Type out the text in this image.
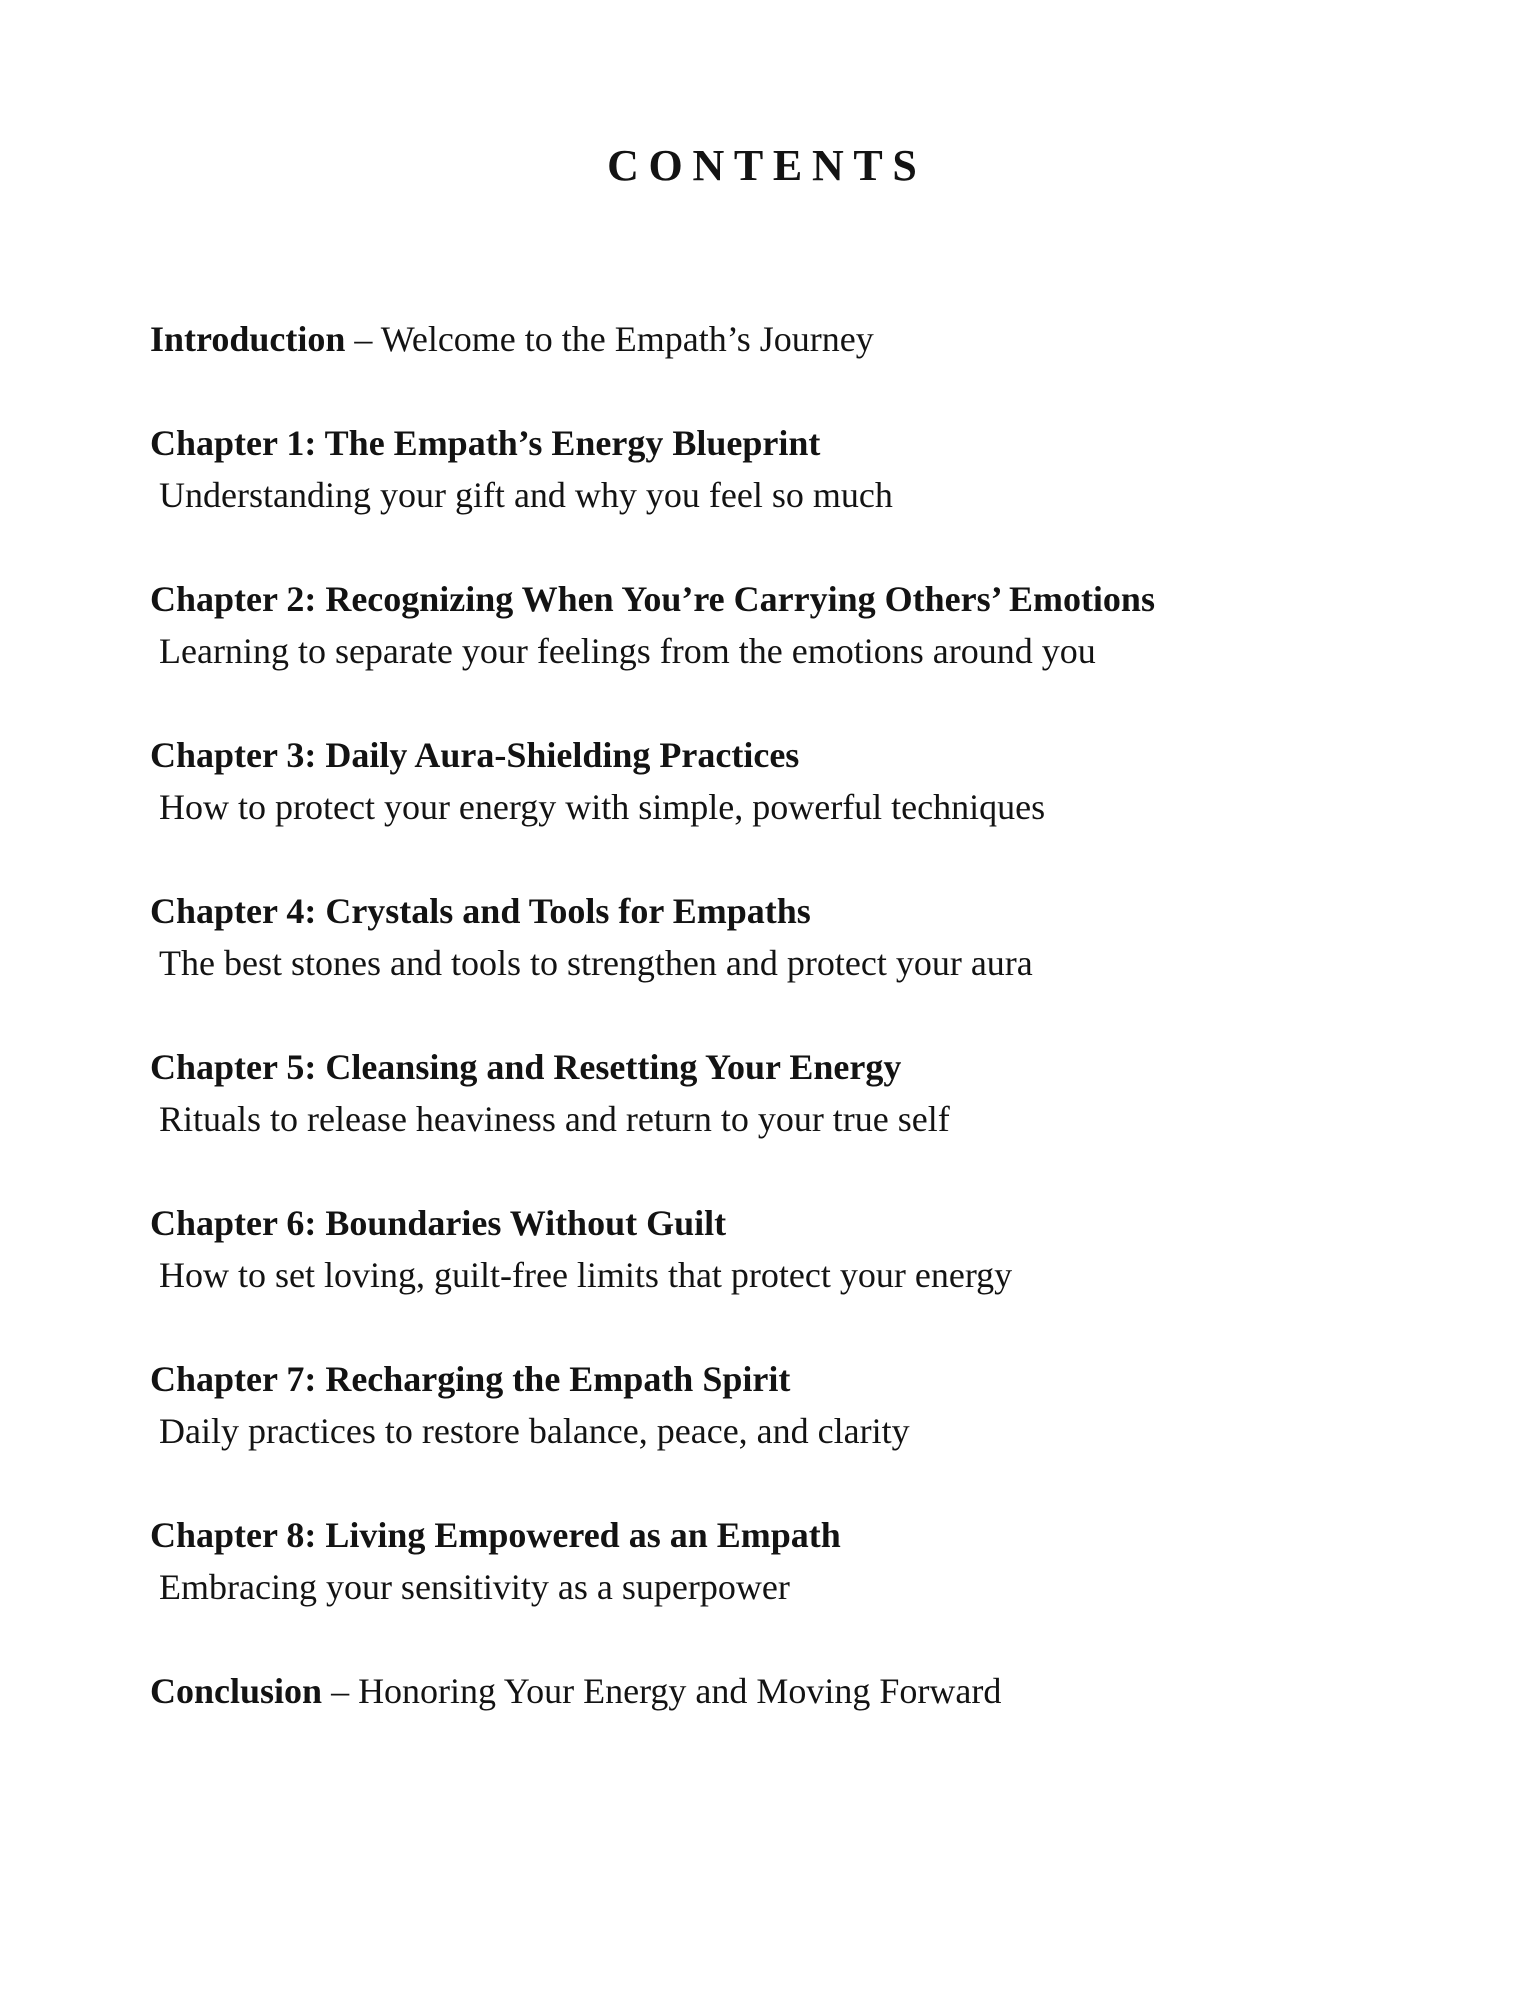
CONTENTS
Introduction – Welcome to the Empath’s Journey
Chapter 1: The Empath’s Energy Blueprint
Understanding your gift and why you feel so much
Chapter 2: Recognizing When You’re Carrying Others’ Emotions
Learning to separate your feelings from the emotions around you
Chapter 3: Daily Aura-Shielding Practices
How to protect your energy with simple, powerful techniques
Chapter 4: Crystals and Tools for Empaths
The best stones and tools to strengthen and protect your aura
Chapter 5: Cleansing and Resetting Your Energy
Rituals to release heaviness and return to your true self
Chapter 6: Boundaries Without Guilt
How to set loving, guilt-free limits that protect your energy
Chapter 7: Recharging the Empath Spirit
Daily practices to restore balance, peace, and clarity
Chapter 8: Living Empowered as an Empath
Embracing your sensitivity as a superpower
Conclusion – Honoring Your Energy and Moving Forward
